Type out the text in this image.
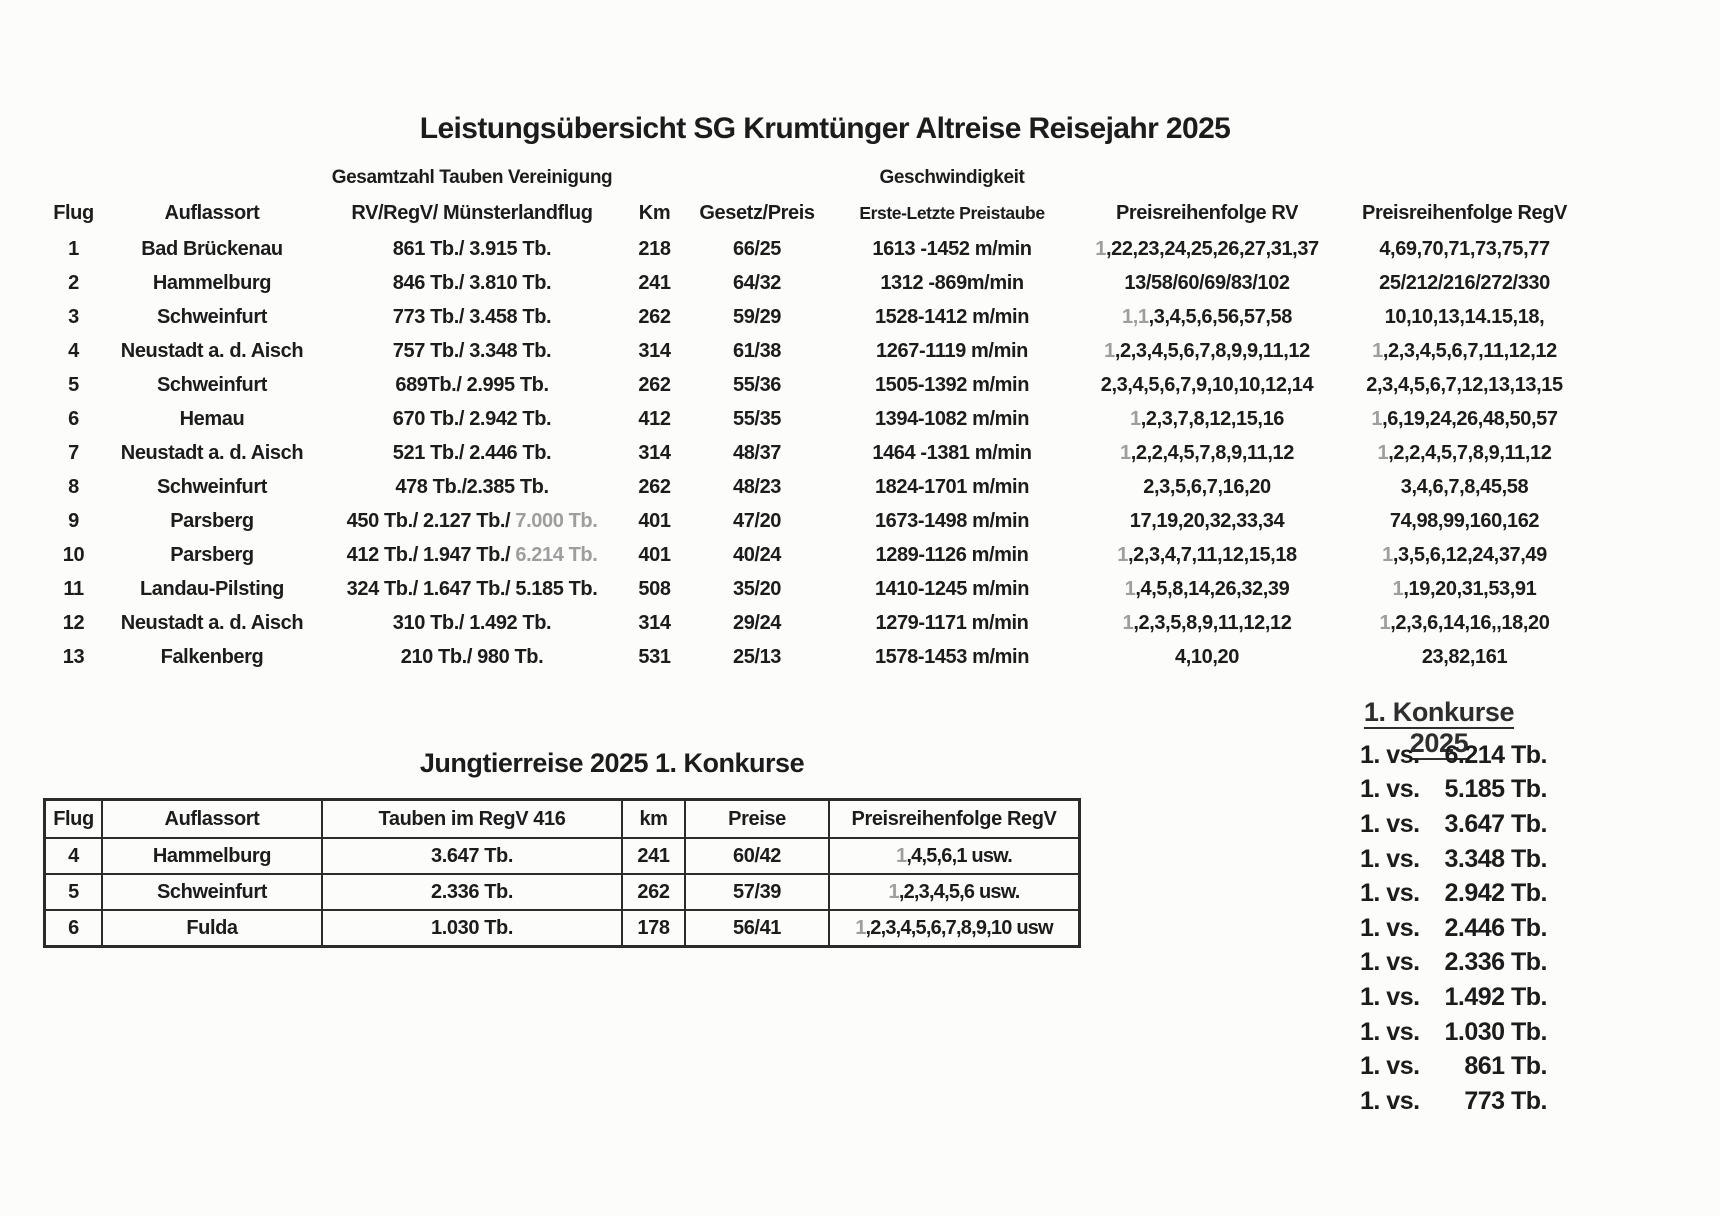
Leistungsübersicht SG Krumtünger Altreise Reisejahr 2025
Gesamtzahl Tauben Vereinigung	Geschwindigkeit
Flug	Auflassort	RV/RegV/ Münsterlandflug	Km	Gesetz/Preis	Erste-Letzte Preistaube	Preisreihenfolge RV	Preisreihenfolge RegV
1	Bad Brückenau	861 Tb./ 3.915 Tb.	218	66/25	1613 -1452 m/min	1,22,23,24,25,26,27,31,37	4,69,70,71,73,75,77
2	Hammelburg	846 Tb./ 3.810 Tb.	241	64/32	1312 -869m/min	13/58/60/69/83/102	25/212/216/272/330
3	Schweinfurt	773 Tb./ 3.458 Tb.	262	59/29	1528-1412 m/min	1,1,3,4,5,6,56,57,58	10,10,13,14.15,18,
4	Neustadt a. d. Aisch	757 Tb./ 3.348 Tb.	314	61/38	1267-1119 m/min	1,2,3,4,5,6,7,8,9,9,11,12	1,2,3,4,5,6,7,11,12,12
5	Schweinfurt	689Tb./ 2.995 Tb.	262	55/36	1505-1392 m/min	2,3,4,5,6,7,9,10,10,12,14	2,3,4,5,6,7,12,13,13,15
6	Hemau	670 Tb./ 2.942 Tb.	412	55/35	1394-1082 m/min	1,2,3,7,8,12,15,16	1,6,19,24,26,48,50,57
7	Neustadt a. d. Aisch	521 Tb./ 2.446 Tb.	314	48/37	1464 -1381 m/min	1,2,2,4,5,7,8,9,11,12	1,2,2,4,5,7,8,9,11,12
8	Schweinfurt	478 Tb./2.385 Tb.	262	48/23	1824-1701 m/min	2,3,5,6,7,16,20	3,4,6,7,8,45,58
9	Parsberg	450 Tb./ 2.127 Tb./ 7.000 Tb.	401	47/20	1673-1498 m/min	17,19,20,32,33,34	74,98,99,160,162
10	Parsberg	412 Tb./ 1.947 Tb./ 6.214 Tb.	401	40/24	1289-1126 m/min	1,2,3,4,7,11,12,15,18	1,3,5,6,12,24,37,49
11	Landau-Pilsting	324 Tb./ 1.647 Tb./ 5.185 Tb.	508	35/20	1410-1245 m/min	1,4,5,8,14,26,32,39	1,19,20,31,53,91
12	Neustadt a. d. Aisch	310 Tb./ 1.492 Tb.	314	29/24	1279-1171 m/min	1,2,3,5,8,9,11,12,12	1,2,3,6,14,16,,18,20
13	Falkenberg	210 Tb./ 980 Tb.	531	25/13	1578-1453 m/min	4,10,20	23,82,161
Jungtierreise 2025 1. Konkurse
Flug	Auflassort	Tauben im RegV 416	km	Preise	Preisreihenfolge RegV
4	Hammelburg	3.647 Tb.	241	60/42	1,4,5,6,1 usw.
5	Schweinfurt	2.336 Tb.	262	57/39	1,2,3,4,5,6 usw.
6	Fulda	1.030 Tb.	178	56/41	1,2,3,4,5,6,7,8,9,10 usw
1. Konkurse 2025
1. vs. 6.214 Tb.
1. vs. 5.185 Tb.
1. vs. 3.647 Tb.
1. vs. 3.348 Tb.
1. vs. 2.942 Tb.
1. vs. 2.446 Tb.
1. vs. 2.336 Tb.
1. vs. 1.492 Tb.
1. vs. 1.030 Tb.
1. vs. 861 Tb.
1. vs. 773 Tb.
